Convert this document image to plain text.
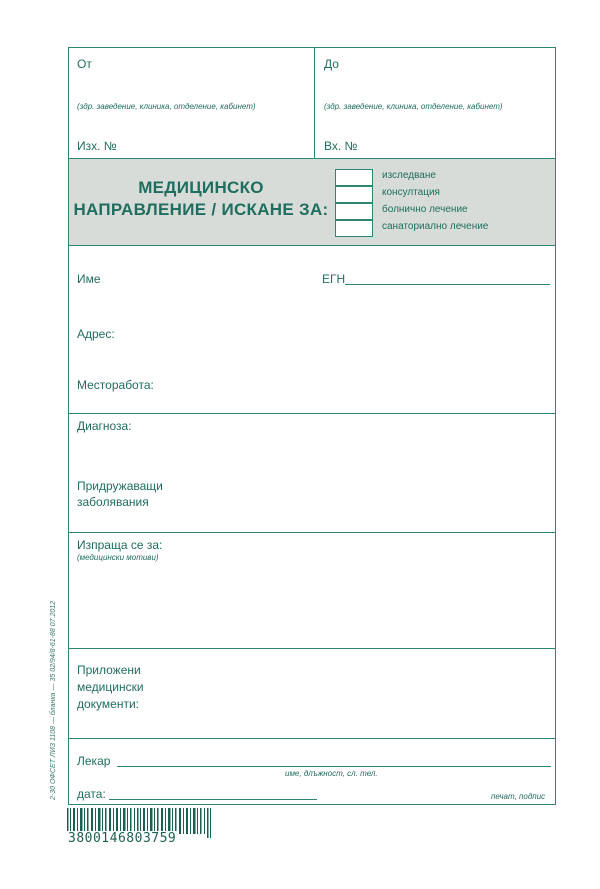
От	До
(здр. заведение, клиника, отделение, кабинет)	(здр. заведение, клиника, отделение, кабинет)
Изх. №	Вх. №
МЕДИЦИНСКО
НАПРАВЛЕНИЕ / ИСКАНЕ ЗА:
изследване
консултация
болнично лечение
санаториално лечение
Име	ЕГН
Адрес:
Месторабота:
Диагноза:
Придружаващи
заболявания
Изпраща се за:
(медицински мотиви)
Приложени
медицински
документи:
Лекар
име, длъжност, сл. тел.
дата:	печат, подпис
2-30 ОФСЕТ ЛИЗ 1108 — бланка — 35 02/94/8-61-88 07.2012
3800146803759
